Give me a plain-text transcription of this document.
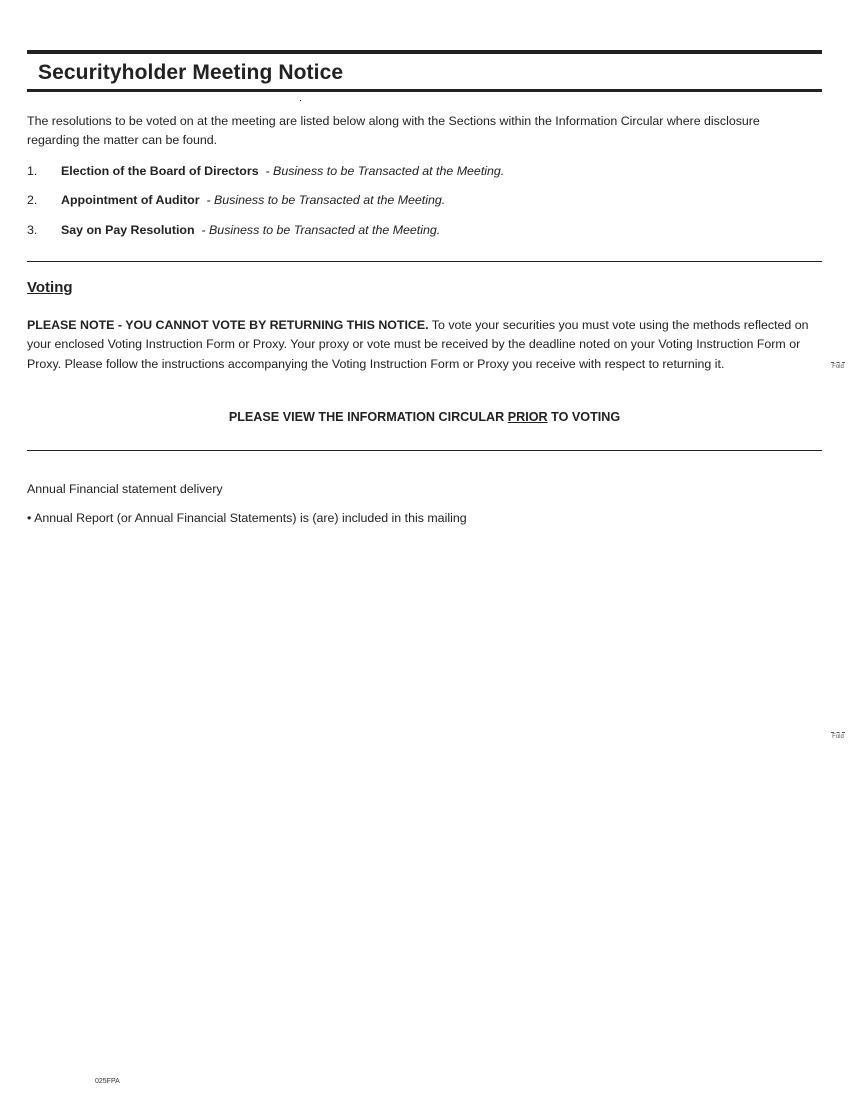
Securityholder Meeting Notice

The resolutions to be voted on at the meeting are listed below along with the Sections within the Information Circular where disclosure regarding the matter can be found.

1. Election of the Board of Directors - Business to be Transacted at the Meeting.
2. Appointment of Auditor - Business to be Transacted at the Meeting.
3. Say on Pay Resolution - Business to be Transacted at the Meeting.
Voting

PLEASE NOTE - YOU CANNOT VOTE BY RETURNING THIS NOTICE. To vote your securities you must vote using the methods reflected on your enclosed Voting Instruction Form or Proxy. Your proxy or vote must be received by the deadline noted on your Voting Instruction Form or Proxy. Please follow the instructions accompanying the Voting Instruction Form or Proxy you receive with respect to returning it.

PLEASE VIEW THE INFORMATION CIRCULAR PRIOR TO VOTING

Annual Financial statement delivery

• Annual Report (or Annual Financial Statements) is (are) included in this mailing

Fold
Fold
025FPA
